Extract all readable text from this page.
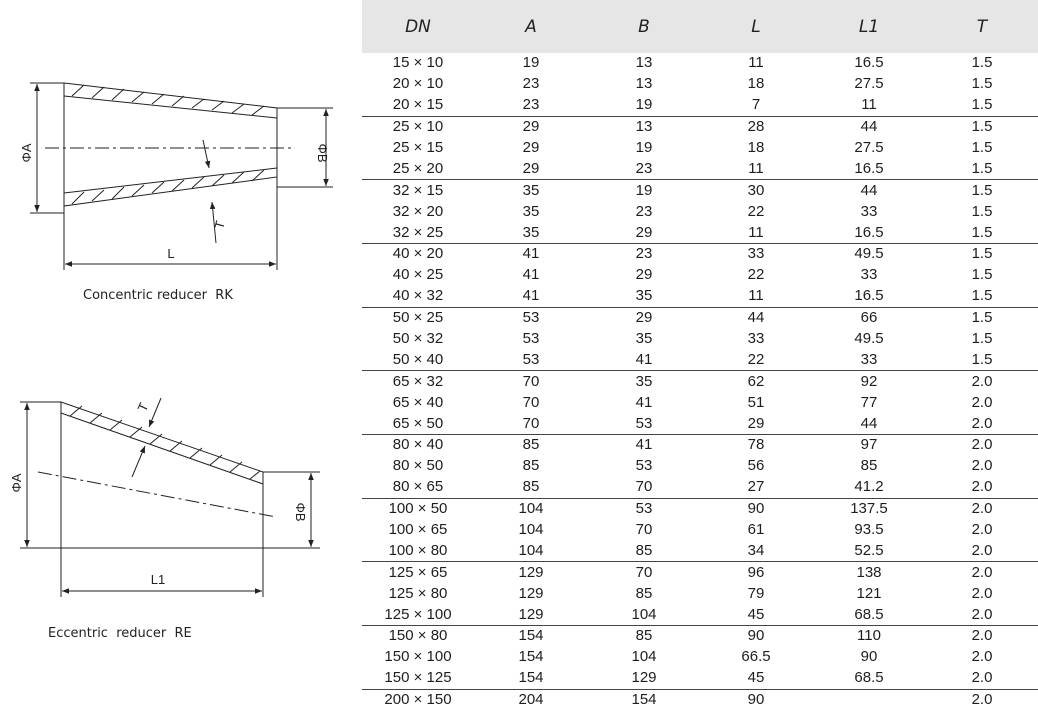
ΦA	ΦB
T
L
ΦA
ΦB
T
L1
Concentric reducer  RK
Eccentric  reducer  RE
DN	A	B	L	L1	T
15 × 10	19	13	11	16.5	1.5
20 × 10	23	13	18	27.5	1.5
20 × 15	23	19	7	11	1.5
25 × 10	29	13	28	44	1.5
25 × 15	29	19	18	27.5	1.5
25 × 20	29	23	11	16.5	1.5
32 × 15	35	19	30	44	1.5
32 × 20	35	23	22	33	1.5
32 × 25	35	29	11	16.5	1.5
40 × 20	41	23	33	49.5	1.5
40 × 25	41	29	22	33	1.5
40 × 32	41	35	11	16.5	1.5
50 × 25	53	29	44	66	1.5
50 × 32	53	35	33	49.5	1.5
50 × 40	53	41	22	33	1.5
65 × 32	70	35	62	92	2.0
65 × 40	70	41	51	77	2.0
65 × 50	70	53	29	44	2.0
80 × 40	85	41	78	97	2.0
80 × 50	85	53	56	85	2.0
80 × 65	85	70	27	41.2	2.0
100 × 50	104	53	90	137.5	2.0
100 × 65	104	70	61	93.5	2.0
100 × 80	104	85	34	52.5	2.0
125 × 65	129	70	96	138	2.0
125 × 80	129	85	79	121	2.0
125 × 100	129	104	45	68.5	2.0
150 × 80	154	85	90	110	2.0
150 × 100	154	104	66.5	90	2.0
150 × 125	154	129	45	68.5	2.0
200 × 150	204	154	90		2.0
